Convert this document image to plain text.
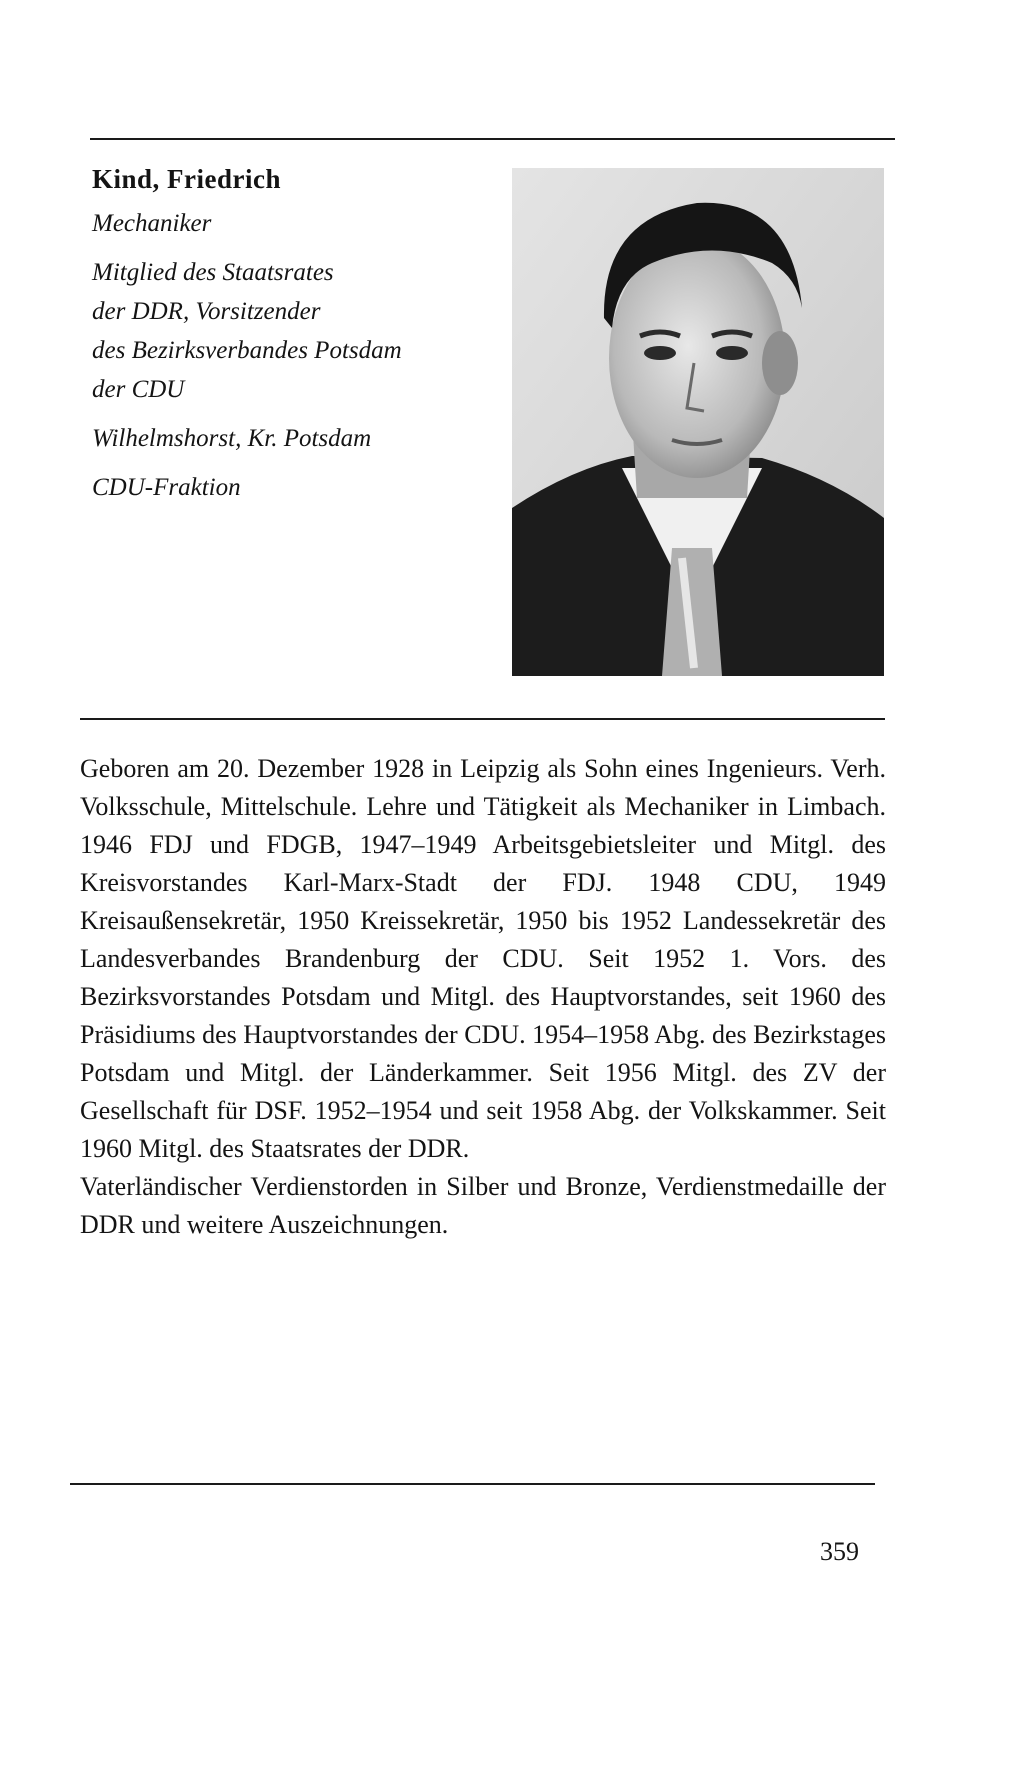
Kind, Friedrich

Mechaniker

Mitglied des Staatsrates

der DDR, Vorsitzender

des Bezirksverbandes Potsdam

der CDU

Wilhelmshorst, Kr. Potsdam

CDU-Fraktion

Geboren am 20. Dezember 1928 in Leipzig als Sohn eines Ingenieurs. Verh. Volksschule, Mittelschule. Lehre und Tätigkeit als Mechaniker in Limbach. 1946 FDJ und FDGB, 1947–1949 Arbeitsgebietsleiter und Mitgl. des Kreisvorstandes Karl-Marx-Stadt der FDJ. 1948 CDU, 1949 Kreisaußensekretär, 1950 Kreissekretär, 1950 bis 1952 Landessekretär des Landesverbandes Brandenburg der CDU. Seit 1952 1. Vors. des Bezirksvorstandes Potsdam und Mitgl. des Hauptvorstandes, seit 1960 des Präsidiums des Hauptvorstandes der CDU. 1954–1958 Abg. des Bezirkstages Potsdam und Mitgl. der Länderkammer. Seit 1956 Mitgl. des ZV der Gesellschaft für DSF. 1952–1954 und seit 1958 Abg. der Volkskammer. Seit 1960 Mitgl. des Staatsrates der DDR.

Vaterländischer Verdienstorden in Silber und Bronze, Verdienstmedaille der DDR und weitere Auszeichnungen.

359
